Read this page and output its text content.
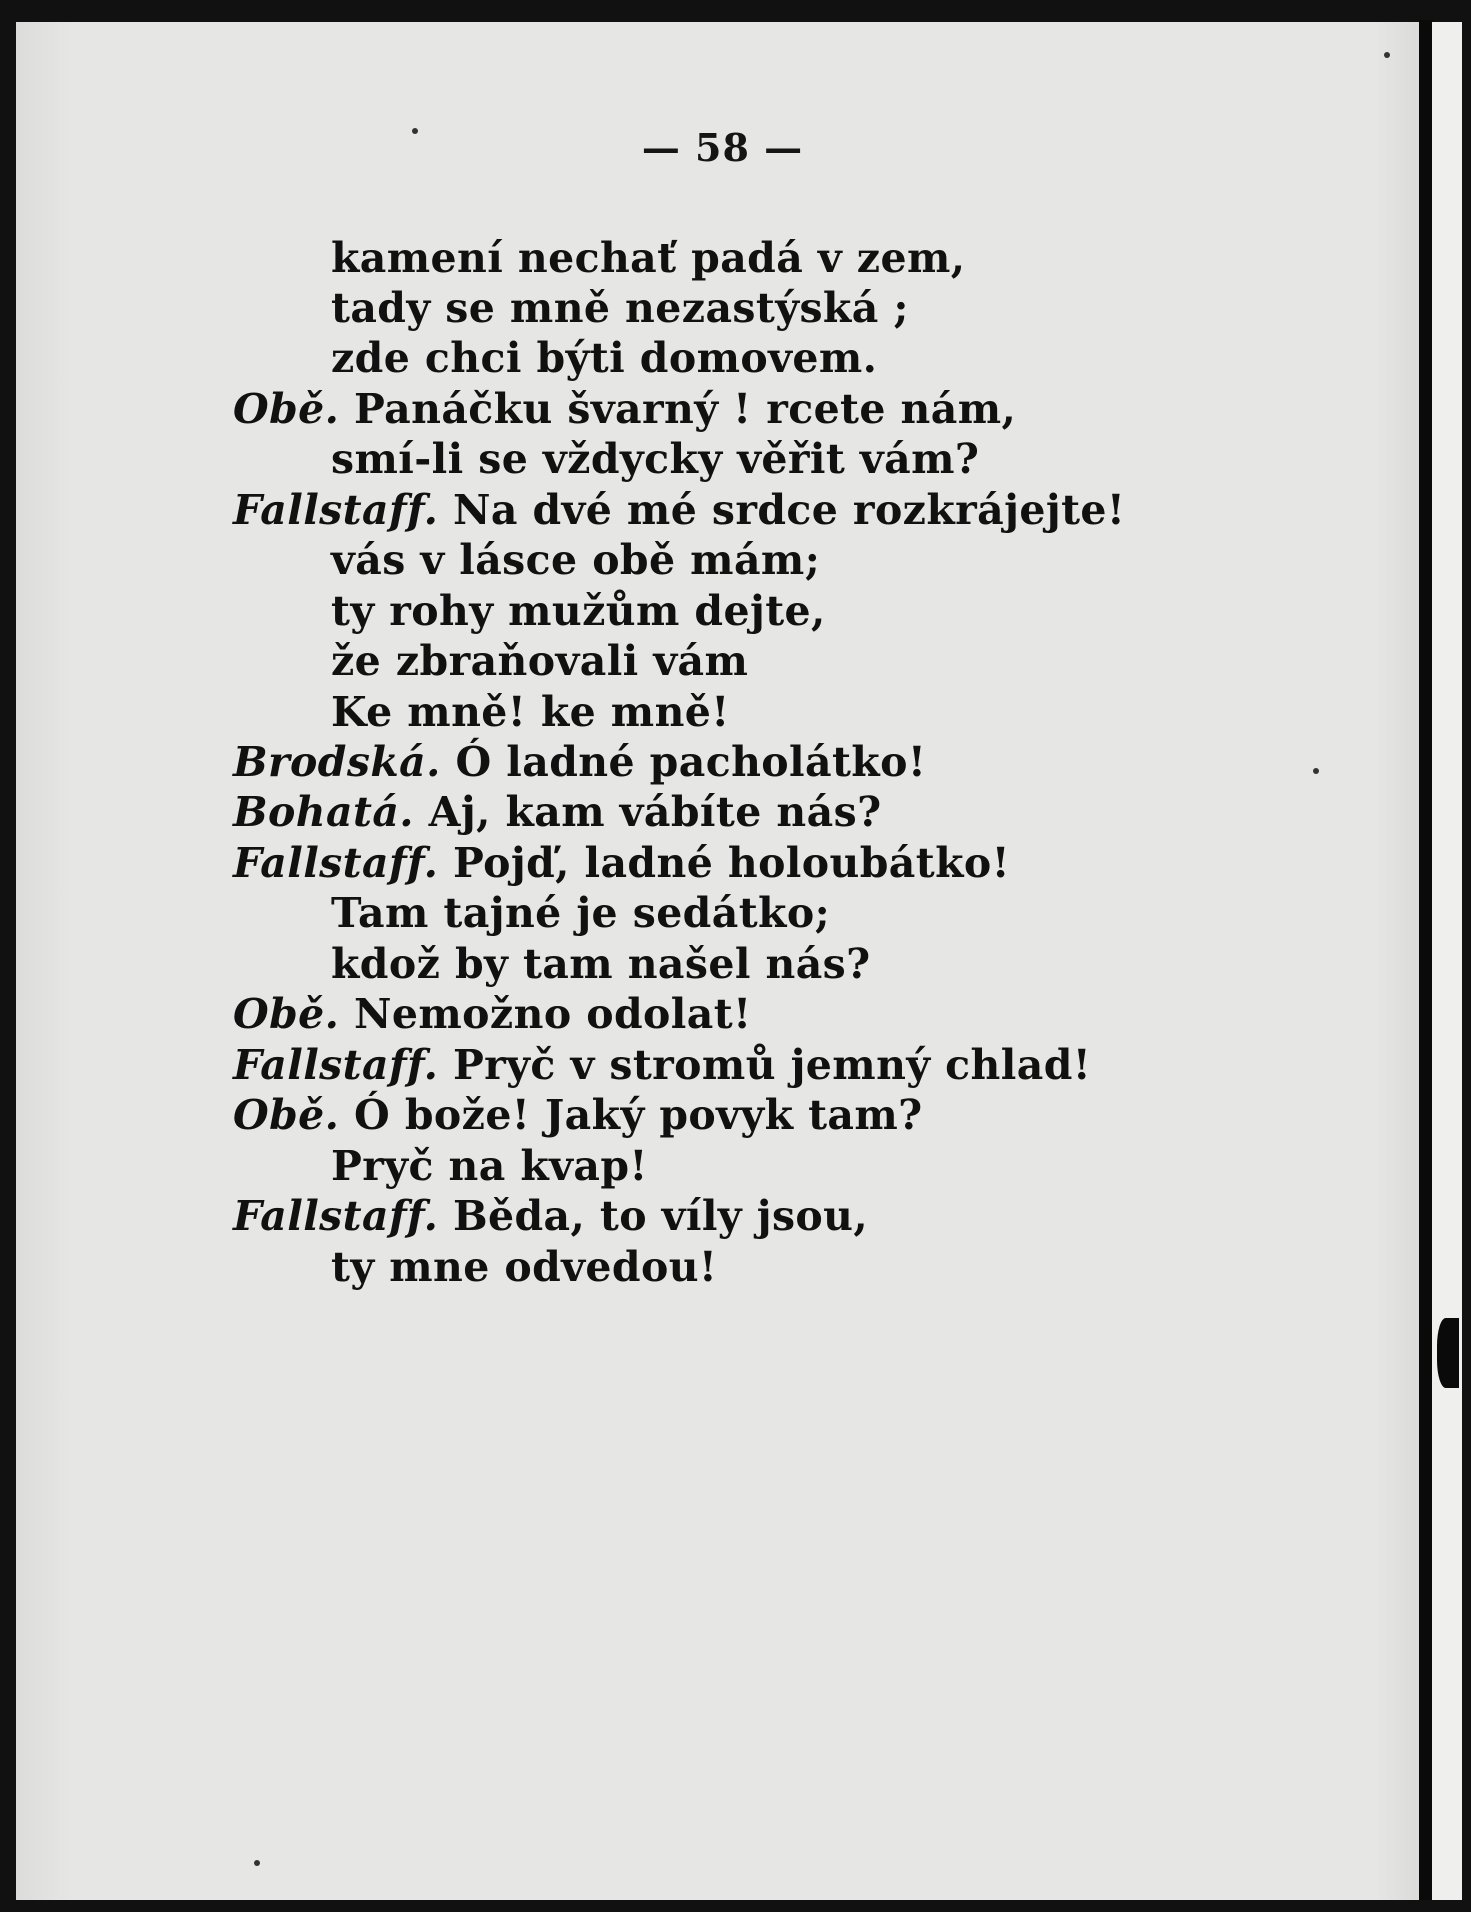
— 58 —
kamení nechať padá v zem,
tady se mně nezastýská ;
zde chci býti domovem.
Obě. Panáčku švarný ! rcete nám,
smí-li se vždycky věřit vám?
Fallstaff. Na dvé mé srdce rozkrájejte!
vás v lásce obě mám;
ty rohy mužům dejte,
že zbraňovali vám
Ke mně! ke mně!
Brodská. Ó ladné pacholátko!
Bohatá. Aj, kam vábíte nás?
Fallstaff. Pojď, ladné holoubátko!
Tam tajné je sedátko;
kdož by tam našel nás?
Obě. Nemožno odolat!
Fallstaff. Pryč v stromů jemný chlad!
Obě. Ó bože! Jaký povyk tam?
Pryč na kvap!
Fallstaff. Běda, to víly jsou,
ty mne odvedou!
